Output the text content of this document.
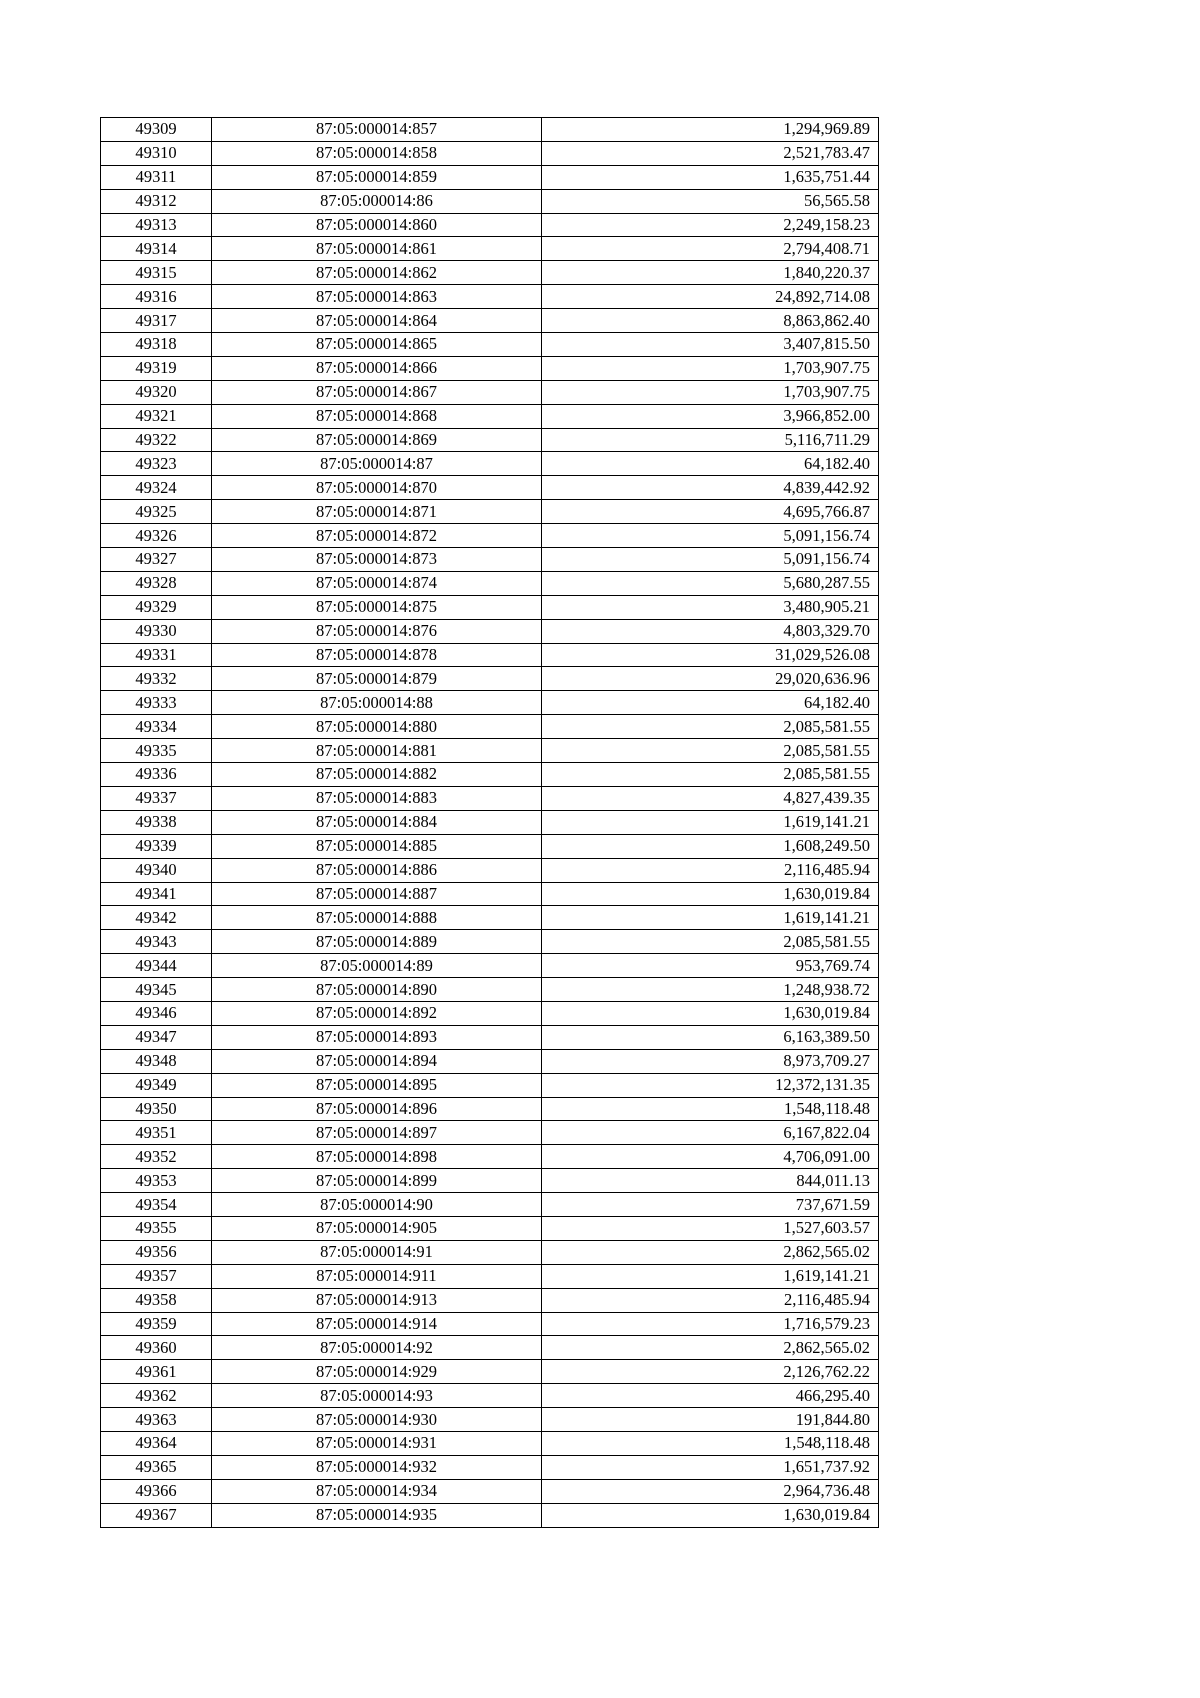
49309	87:05:000014:857	1,294,969.89
49310	87:05:000014:858	2,521,783.47
49311	87:05:000014:859	1,635,751.44
49312	87:05:000014:86	56,565.58
49313	87:05:000014:860	2,249,158.23
49314	87:05:000014:861	2,794,408.71
49315	87:05:000014:862	1,840,220.37
49316	87:05:000014:863	24,892,714.08
49317	87:05:000014:864	8,863,862.40
49318	87:05:000014:865	3,407,815.50
49319	87:05:000014:866	1,703,907.75
49320	87:05:000014:867	1,703,907.75
49321	87:05:000014:868	3,966,852.00
49322	87:05:000014:869	5,116,711.29
49323	87:05:000014:87	64,182.40
49324	87:05:000014:870	4,839,442.92
49325	87:05:000014:871	4,695,766.87
49326	87:05:000014:872	5,091,156.74
49327	87:05:000014:873	5,091,156.74
49328	87:05:000014:874	5,680,287.55
49329	87:05:000014:875	3,480,905.21
49330	87:05:000014:876	4,803,329.70
49331	87:05:000014:878	31,029,526.08
49332	87:05:000014:879	29,020,636.96
49333	87:05:000014:88	64,182.40
49334	87:05:000014:880	2,085,581.55
49335	87:05:000014:881	2,085,581.55
49336	87:05:000014:882	2,085,581.55
49337	87:05:000014:883	4,827,439.35
49338	87:05:000014:884	1,619,141.21
49339	87:05:000014:885	1,608,249.50
49340	87:05:000014:886	2,116,485.94
49341	87:05:000014:887	1,630,019.84
49342	87:05:000014:888	1,619,141.21
49343	87:05:000014:889	2,085,581.55
49344	87:05:000014:89	953,769.74
49345	87:05:000014:890	1,248,938.72
49346	87:05:000014:892	1,630,019.84
49347	87:05:000014:893	6,163,389.50
49348	87:05:000014:894	8,973,709.27
49349	87:05:000014:895	12,372,131.35
49350	87:05:000014:896	1,548,118.48
49351	87:05:000014:897	6,167,822.04
49352	87:05:000014:898	4,706,091.00
49353	87:05:000014:899	844,011.13
49354	87:05:000014:90	737,671.59
49355	87:05:000014:905	1,527,603.57
49356	87:05:000014:91	2,862,565.02
49357	87:05:000014:911	1,619,141.21
49358	87:05:000014:913	2,116,485.94
49359	87:05:000014:914	1,716,579.23
49360	87:05:000014:92	2,862,565.02
49361	87:05:000014:929	2,126,762.22
49362	87:05:000014:93	466,295.40
49363	87:05:000014:930	191,844.80
49364	87:05:000014:931	1,548,118.48
49365	87:05:000014:932	1,651,737.92
49366	87:05:000014:934	2,964,736.48
49367	87:05:000014:935	1,630,019.84
